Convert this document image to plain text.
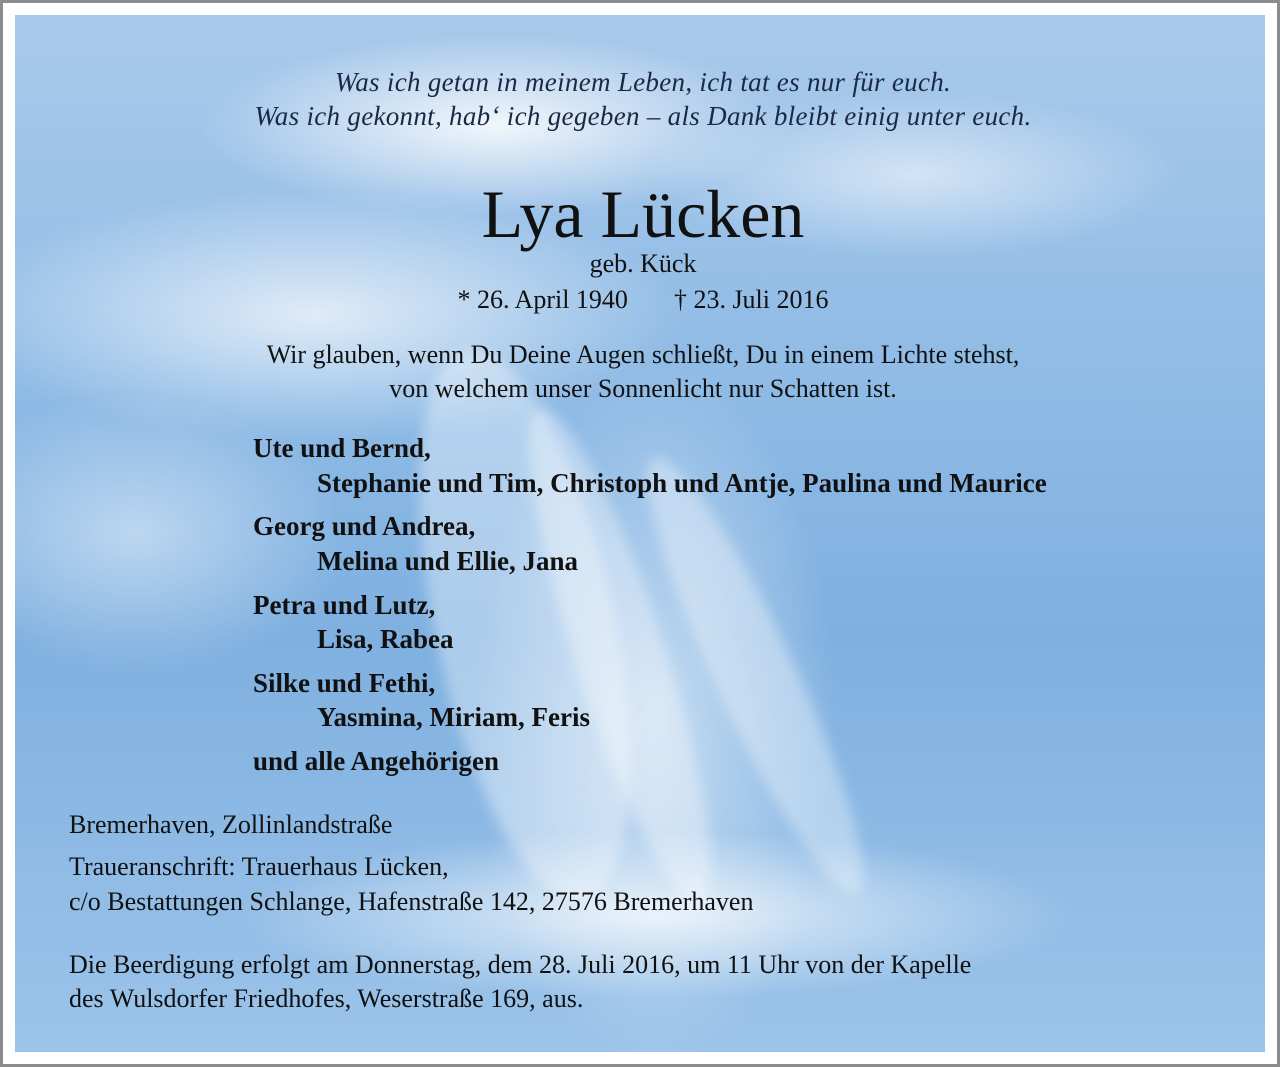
Was ich getan in meinem Leben, ich tat es nur für euch.
Was ich gekonnt, hab‘ ich gegeben – als Dank bleibt einig unter euch.
Lya Lücken
geb. Kück
* 26. April 1940 † 23. Juli 2016
Wir glauben, wenn Du Deine Augen schließt, Du in einem Lichte stehst,
von welchem unser Sonnenlicht nur Schatten ist.
Ute und Bernd,
Stephanie und Tim, Christoph und Antje, Paulina und Maurice
Georg und Andrea,
Melina und Ellie, Jana
Petra und Lutz,
Lisa, Rabea
Silke und Fethi,
Yasmina, Miriam, Feris
und alle Angehörigen
Bremerhaven, Zollinlandstraße
Traueranschrift: Trauerhaus Lücken,
c/o Bestattungen Schlange, Hafenstraße 142, 27576 Bremerhaven
Die Beerdigung erfolgt am Donnerstag, dem 28. Juli 2016, um 11 Uhr von der Kapelle
des Wulsdorfer Friedhofes, Weserstraße 169, aus.
